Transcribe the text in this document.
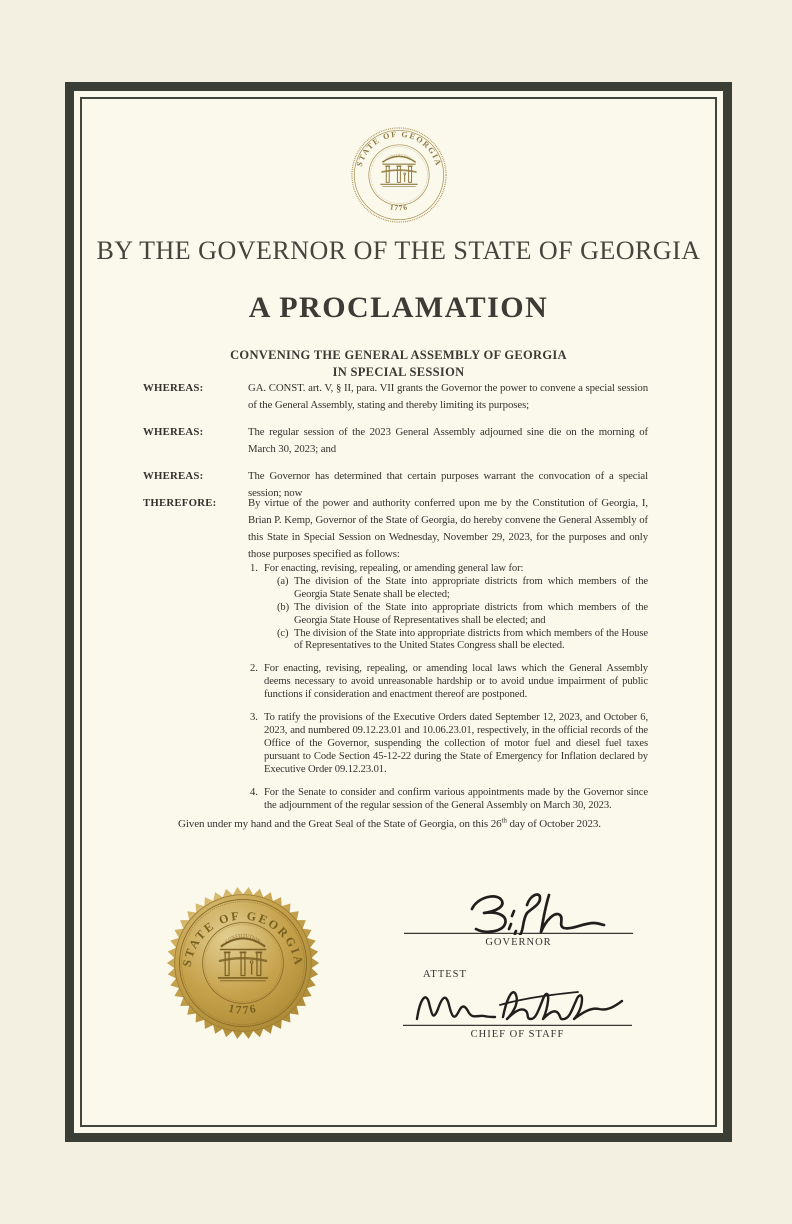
STATE OF GEORGIA
1776
CONSTITUTION
BY THE GOVERNOR OF THE STATE OF GEORGIA
A PROCLAMATION
CONVENING THE GENERAL ASSEMBLY OF GEORGIA
IN SPECIAL SESSION
WHEREAS:	GA. CONST. art. V, § II, para. VII grants the Governor the power to convene a special session of the General Assembly, stating and thereby limiting its purposes;
WHEREAS:	The regular session of the 2023 General Assembly adjourned sine die on the morning of March 30, 2023; and
WHEREAS:	The Governor has determined that certain purposes warrant the convocation of a special session; now
THEREFORE:	By virtue of the power and authority conferred upon me by the Constitution of Georgia, I, Brian P. Kemp, Governor of the State of Georgia, do hereby convene the General Assembly of this State in Special Session on Wednesday, November 29, 2023, for the purposes and only those purposes specified as follows:
1. For enacting, revising, repealing, or amending general law for:
(a) The division of the State into appropriate districts from which members of the Georgia State Senate shall be elected;
(b) The division of the State into appropriate districts from which members of the Georgia State House of Representatives shall be elected; and
(c) The division of the State into appropriate districts from which members of the House of Representatives to the United States Congress shall be elected.
2. For enacting, revising, repealing, or amending local laws which the General Assembly deems necessary to avoid unreasonable hardship or to avoid undue impairment of public functions if consideration and enactment thereof are postponed.
3. To ratify the provisions of the Executive Orders dated September 12, 2023, and October 6, 2023, and numbered 09.12.23.01 and 10.06.23.01, respectively, in the official records of the Office of the Governor, suspending the collection of motor fuel and diesel fuel taxes pursuant to Code Section 45-12-22 during the State of Emergency for Inflation declared by Executive Order 09.12.23.01.
4. For the Senate to consider and confirm various appointments made by the Governor since the adjournment of the regular session of the General Assembly on March 30, 2023.
Given under my hand and the Great Seal of the State of Georgia, on this 26th day of October 2023.
STATE OF GEORGIA
1776
CONSTITUTION	GOVERNOR
ATTEST
CHIEF OF STAFF
